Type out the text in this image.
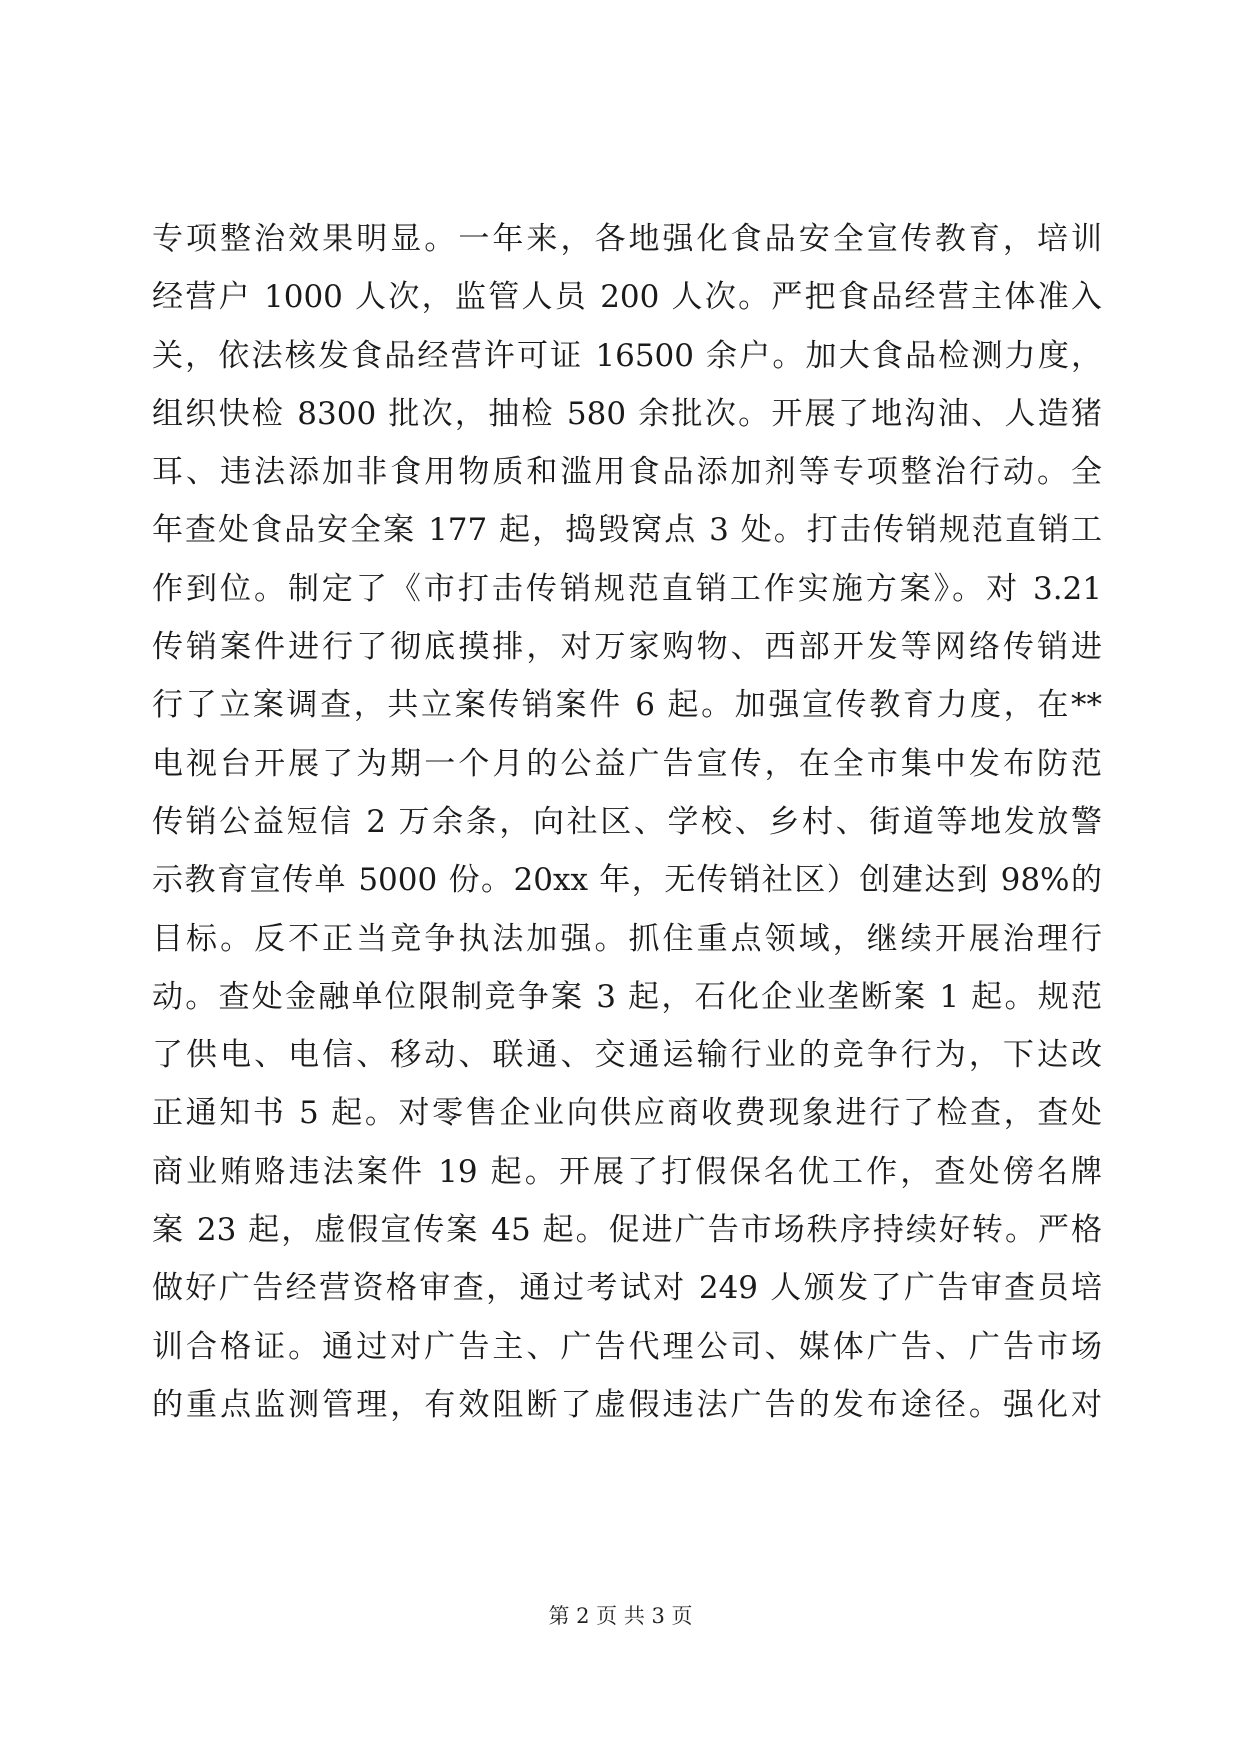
专项整治效果明显。一年来，各地强化食品安全宣传教育，培训
经营户 1000 人次，监管人员 200 人次。严把食品经营主体准入
关，依法核发食品经营许可证 16500 余户。加大食品检测力度，
组织快检 8300 批次，抽检 580 余批次。开展了地沟油、人造猪
耳、违法添加非食用物质和滥用食品添加剂等专项整治行动。全
年查处食品安全案 177 起，捣毁窝点 3 处。打击传销规范直销工
作到位。制定了《市打击传销规范直销工作实施方案》。对 3.21
传销案件进行了彻底摸排，对万家购物、西部开发等网络传销进
行了立案调查，共立案传销案件 6 起。加强宣传教育力度，在**
电视台开展了为期一个月的公益广告宣传，在全市集中发布防范
传销公益短信 2 万余条，向社区、学校、乡村、街道等地发放警
示教育宣传单 5000 份。20xx 年，无传销社区）创建达到 98%的
目标。反不正当竞争执法加强。抓住重点领域，继续开展治理行
动。查处金融单位限制竞争案 3 起，石化企业垄断案 1 起。规范
了供电、电信、移动、联通、交通运输行业的竞争行为，下达改
正通知书 5 起。对零售企业向供应商收费现象进行了检查，查处
商业贿赂违法案件 19 起。开展了打假保名优工作，查处傍名牌
案 23 起，虚假宣传案 45 起。促进广告市场秩序持续好转。严格
做好广告经营资格审查，通过考试对 249 人颁发了广告审查员培
训合格证。通过对广告主、广告代理公司、媒体广告、广告市场
的重点监测管理，有效阻断了虚假违法广告的发布途径。强化对
第 2 页 共 3 页
